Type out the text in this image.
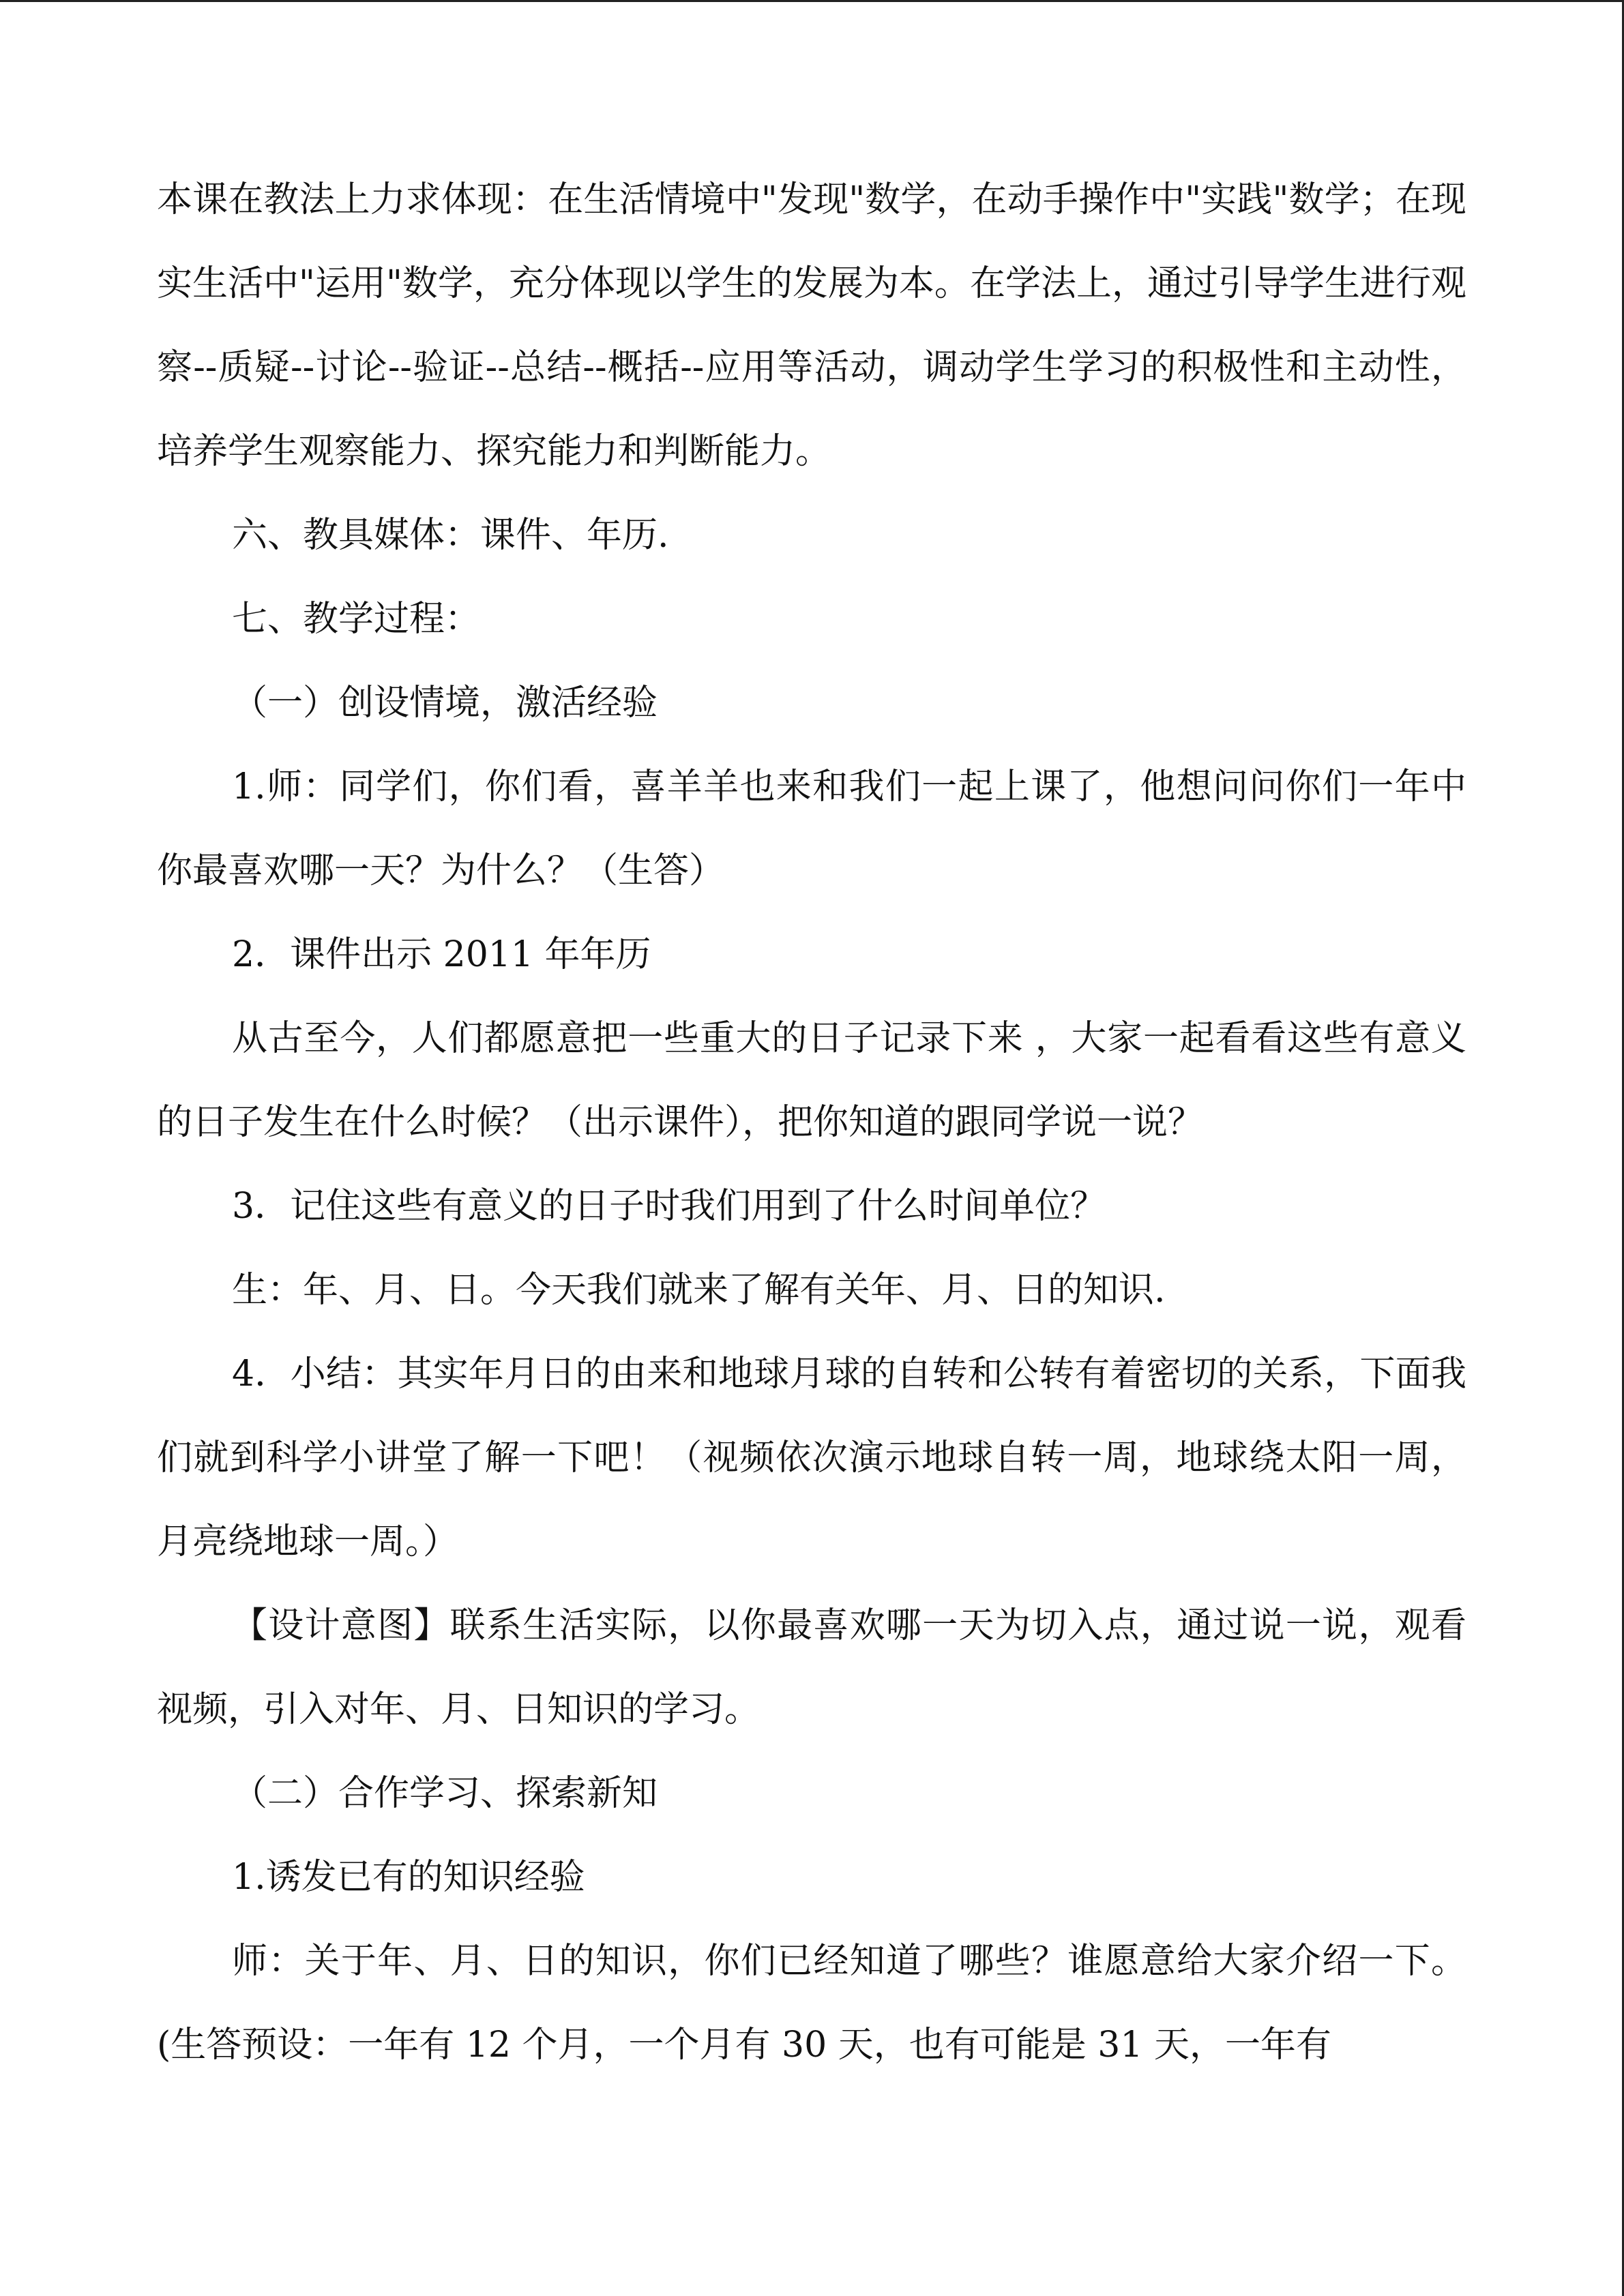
本课在教法上力求体现：在生活情境中"发现"数学，在动手操作中"实践"数学；在现实生活中"运用"数学，充分体现以学生的发展为本。在学法上，通过引导学生进行观察--质疑--讨论--验证--总结--概括--应用等活动，调动学生学习的积极性和主动性，培养学生观察能力、探究能力和判断能力。

六、教具媒体：课件、年历.

七、教学过程：

（一）创设情境，激活经验

1.师：同学们，你们看，喜羊羊也来和我们一起上课了，他想问问你们一年中你最喜欢哪一天？为什么？（生答）

2．课件出示 2011 年年历

从古至今，人们都愿意把一些重大的日子记录下来 ，大家一起看看这些有意义的日子发生在什么时候？（出示课件），把你知道的跟同学说一说？

3．记住这些有意义的日子时我们用到了什么时间单位？

生：年、月、日。今天我们就来了解有关年、月、日的知识.

4．小结：其实年月日的由来和地球月球的自转和公转有着密切的关系，下面我们就到科学小讲堂了解一下吧！（视频依次演示地球自转一周，地球绕太阳一周，月亮绕地球一周。）

【设计意图】联系生活实际，以你最喜欢哪一天为切入点，通过说一说，观看视频，引入对年、月、日知识的学习。

（二）合作学习、探索新知

1.诱发已有的知识经验

师：关于年、月、日的知识，你们已经知道了哪些？谁愿意给大家介绍一下。(生答预设：一年有 12 个月，一个月有 30 天，也有可能是 31 天，一年有
